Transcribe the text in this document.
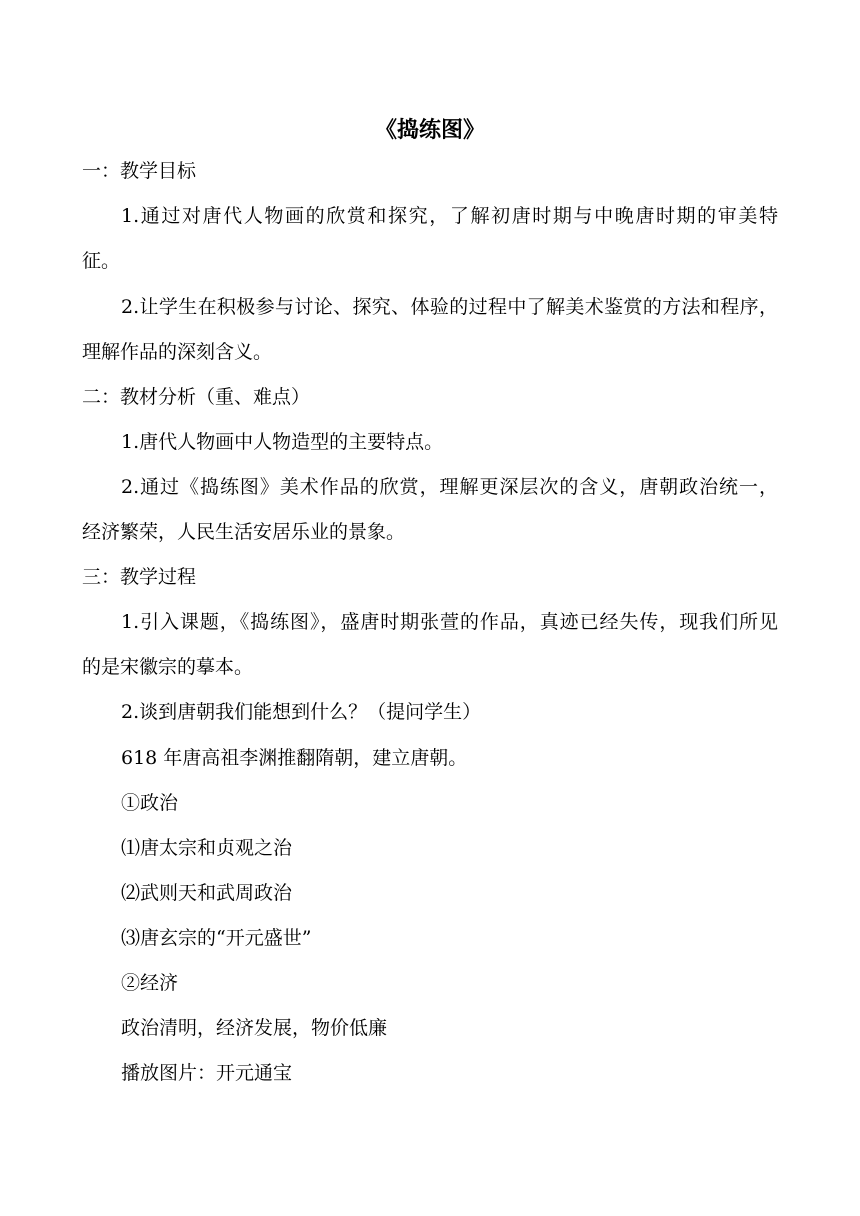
《捣练图》
一：教学目标
1.通过对唐代人物画的欣赏和探究，了解初唐时期与中晚唐时期的审美特
征。
2.让学生在积极参与讨论、探究、体验的过程中了解美术鉴赏的方法和程序，
理解作品的深刻含义。
二：教材分析（重、难点）
1.唐代人物画中人物造型的主要特点。
2.通过《捣练图》美术作品的欣赏，理解更深层次的含义，唐朝政治统一，
经济繁荣，人民生活安居乐业的景象。
三：教学过程
1.引入课题，《捣练图》，盛唐时期张萱的作品，真迹已经失传，现我们所见
的是宋徽宗的摹本。
2.谈到唐朝我们能想到什么？（提问学生）
618 年唐高祖李渊推翻隋朝，建立唐朝。
①政治
⑴唐太宗和贞观之治
⑵武则天和武周政治
⑶唐玄宗的“开元盛世”
②经济
政治清明，经济发展，物价低廉
播放图片：开元通宝
